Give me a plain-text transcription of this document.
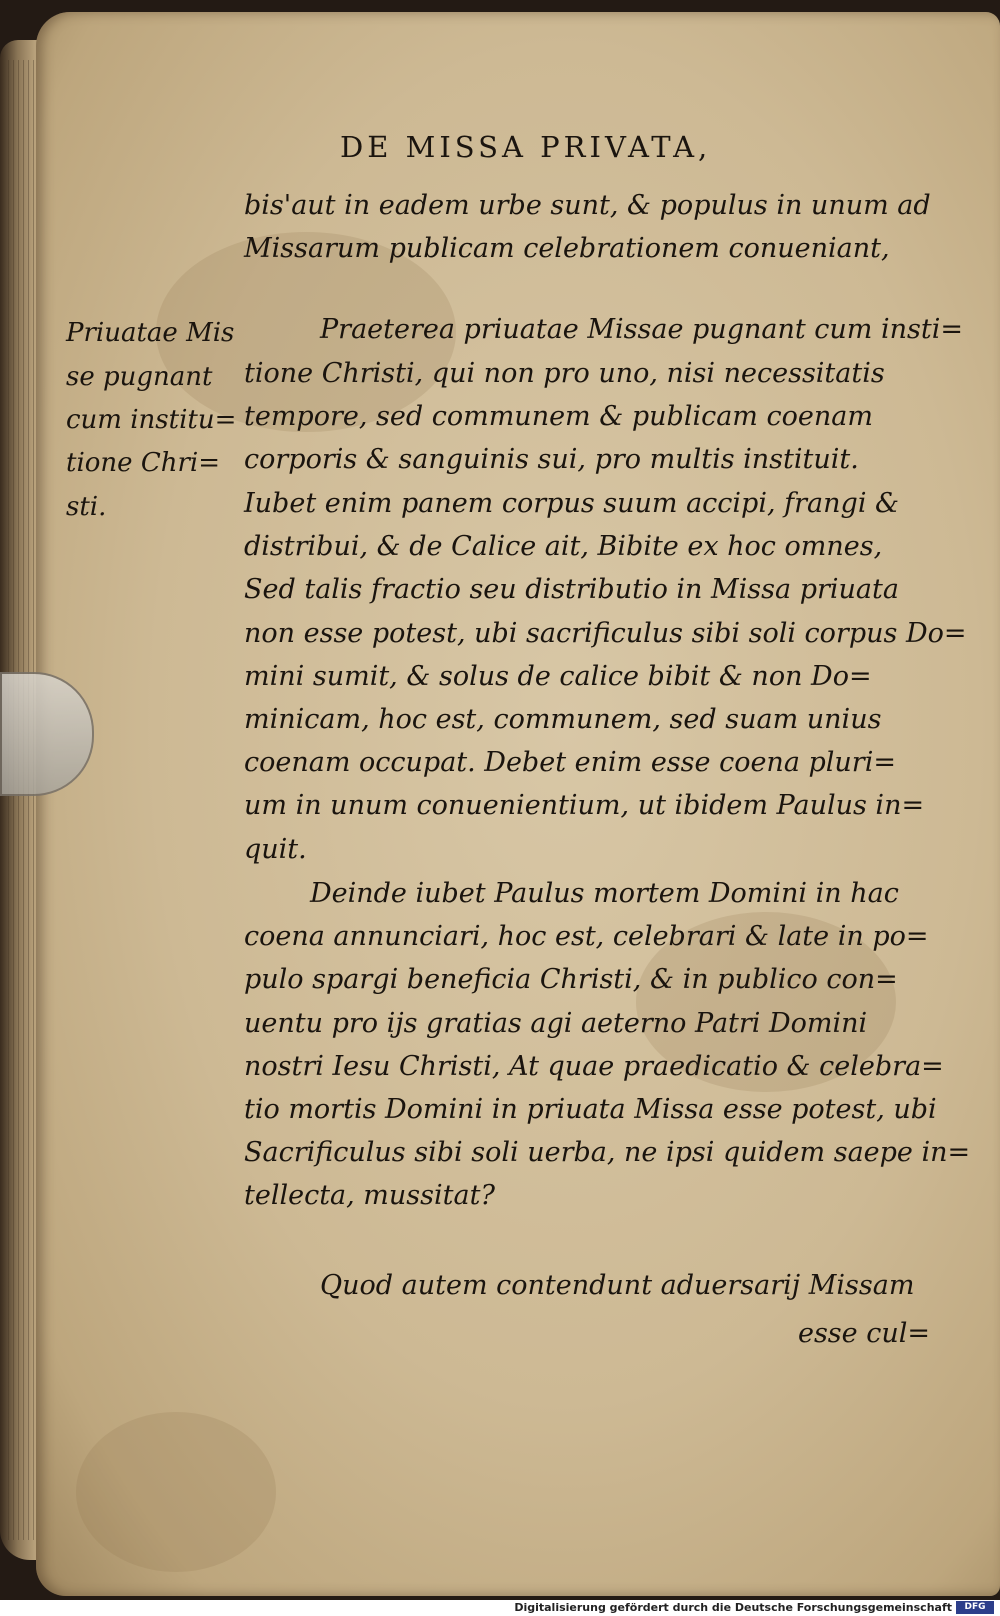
DE MISSA PRIVATA,
bis'aut in eadem urbe sunt, & populus in unum ad
Missarum publicam celebrationem conueniant,
Praeterea priuatae Missae pugnant cum insti=
tione Christi, qui non pro uno, nisi necessitatis
tempore, sed communem & publicam coenam
corporis & sanguinis sui, pro multis instituit.
Iubet enim panem corpus suum accipi, frangi &
distribui, & de Calice ait, Bibite ex hoc omnes,
Sed talis fractio seu distributio in Missa priuata
non esse potest, ubi sacrificulus sibi soli corpus Do=
mini sumit, & solus de calice bibit & non Do=
minicam, hoc est, communem, sed suam unius
coenam occupat. Debet enim esse coena pluri=
um in unum conuenientium, ut ibidem Paulus in=
quit.
Deinde iubet Paulus mortem Domini in hac
coena annunciari, hoc est, celebrari & late in po=
pulo spargi beneficia Christi, & in publico con=
uentu pro ijs gratias agi aeterno Patri Domini
nostri Iesu Christi, At quae praedicatio & celebra=
tio mortis Domini in priuata Missa esse potest, ubi
Sacrificulus sibi soli uerba, ne ipsi quidem saepe in=
tellecta, mussitat?
Quod autem contendunt aduersarij Missam
esse cul=
Priuatae Mis
se pugnant
cum institu=
tione Chri=
sti.
Digitalisierung gefördert durch die Deutsche Forschungsgemeinschaft	DFG
